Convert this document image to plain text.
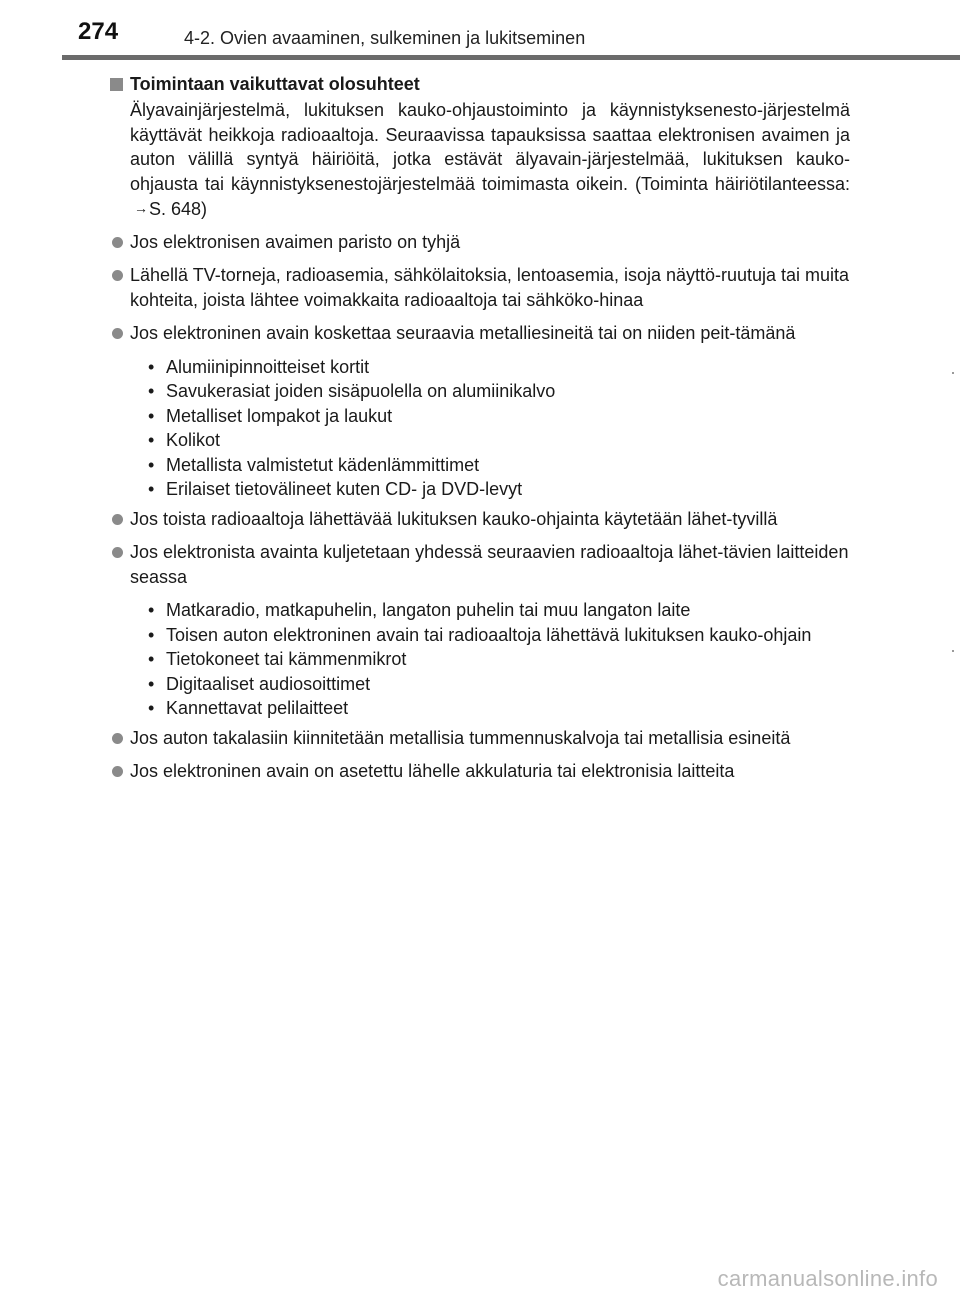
274	4-2. Ovien avaaminen, sulkeminen ja lukitseminen
Toimintaan vaikuttavat olosuhteet

Älyavainjärjestelmä, lukituksen kauko-ohjaustoiminto ja käynnistyksenesto-järjestelmä käyttävät heikkoja radioaaltoja. Seuraavissa tapauksissa saattaa elektronisen avaimen ja auton välillä syntyä häiriöitä, jotka estävät älyavain-järjestelmää, lukituksen kauko-ohjausta tai käynnistyksenestojärjestelmää toimimasta oikein. (Toiminta häiriötilanteessa:→S. 648)

Jos elektronisen avaimen paristo on tyhjä
Lähellä TV-torneja, radioasemia, sähkölaitoksia, lentoasemia, isoja näyttö-ruutuja tai muita kohteita, joista lähtee voimakkaita radioaaltoja tai sähköko-hinaa
Jos elektroninen avain koskettaa seuraavia metalliesineitä tai on niiden peit-tämänä
• Alumiinipinnoitteiset kortit
• Savukerasiat joiden sisäpuolella on alumiinikalvo
• Metalliset lompakot ja laukut
• Kolikot
• Metallista valmistetut kädenlämmittimet
• Erilaiset tietovälineet kuten CD- ja DVD-levyt
Jos toista radioaaltoja lähettävää lukituksen kauko-ohjainta käytetään lähet-tyvillä
Jos elektronista avainta kuljetetaan yhdessä seuraavien radioaaltoja lähet-tävien laitteiden seassa
• Matkaradio, matkapuhelin, langaton puhelin tai muu langaton laite
• Toisen auton elektroninen avain tai radioaaltoja lähettävä lukituksen kauko-ohjain
• Tietokoneet tai kämmenmikrot
• Digitaaliset audiosoittimet
• Kannettavat pelilaitteet
Jos auton takalasiin kiinnitetään metallisia tummennuskalvoja tai metallisia esineitä
Jos elektroninen avain on asetettu lähelle akkulaturia tai elektronisia laitteita
carmanualsonline.info
